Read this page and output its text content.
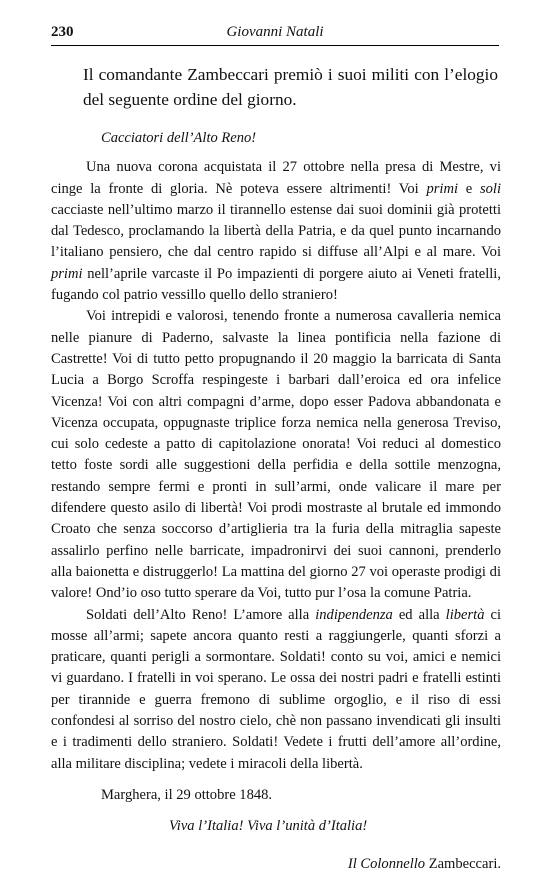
230	Giovanni Natali
Il comandante Zambeccari premiò i suoi militi con l’elogio del seguente ordine del giorno.
Cacciatori dell’Alto Reno!
Una nuova corona acquistata il 27 ottobre nella presa di Mestre, vi cinge la fronte di gloria. Nè poteva essere altrimenti! Voi primi e soli cacciaste nell’ultimo marzo il tirannello estense dai suoi dominii già protetti dal Tedesco, proclamando la libertà della Patria, e da quel punto incarnando l’italiano pensiero, che dal centro rapido si diffuse all’Alpi e al mare. Voi primi nell’aprile varcaste il Po impazienti di porgere aiuto ai Veneti fratelli, fugando col patrio vessillo quello dello straniero!
Voi intrepidi e valorosi, tenendo fronte a numerosa cavalleria nemica nelle pianure di Paderno, salvaste la linea pontificia nella fazione di Castrette! Voi di tutto petto propugnando il 20 maggio la barricata di Santa Lucia a Borgo Scroffa respingeste i barbari dall’eroica ed ora infelice Vicenza! Voi con altri compagni d’arme, dopo esser Padova abbandonata e Vicenza occupata, oppugnaste triplice forza nemica nella generosa Treviso, cui solo cedeste a patto di capitolazione onorata! Voi reduci al domestico tetto foste sordi alle suggestioni della perfidia e della sottile menzogna, restando sempre fermi e pronti in sull’armi, onde valicare il mare per difendere questo asilo di libertà! Voi prodi mostraste al brutale ed immondo Croato che senza soccorso d’artiglieria tra la furia della mitraglia sapeste assalirlo perfino nelle barricate, impadronirvi dei suoi cannoni, prenderlo alla baionetta e distruggerlo! La mattina del giorno 27 voi operaste prodigi di valore! Ond’io oso tutto sperare da Voi, tutto pur l’osa la comune Patria.
Soldati dell’Alto Reno! L’amore alla indipendenza ed alla libertà ci mosse all’armi; sapete ancora quanto resti a raggiungerle, quanti sforzi a praticare, quanti perigli a sormontare. Soldati! conto su voi, amici e nemici vi guardano. I fratelli in voi sperano. Le ossa dei nostri padri e fratelli estinti per tirannide e guerra fremono di sublime orgoglio, e il riso di essi confondesi al sorriso del nostro cielo, chè non passano invendicati gli insulti e i tradimenti dello straniero. Soldati! Vedete i frutti dell’amore all’ordine, alla militare disciplina; vedete i miracoli della libertà.
Marghera, il 29 ottobre 1848.
Viva l’Italia! Viva l’unità d’Italia!
Il Colonnello Zambeccari.
